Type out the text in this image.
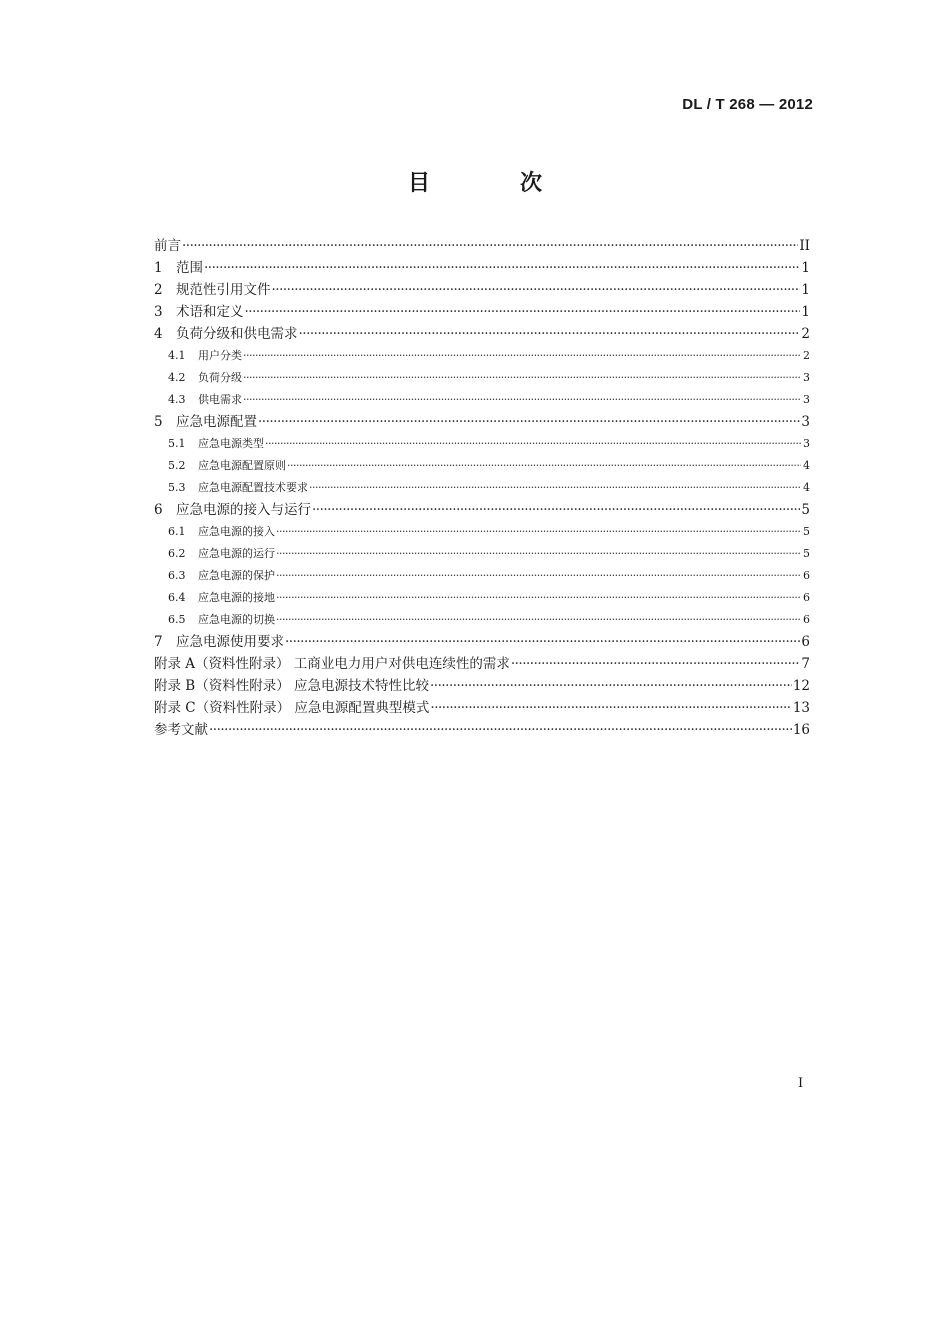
DL / T 268 — 2012
目　次
前言 ·····	II
1 范围 ·····	1
2 规范性引用文件 ·····	1
3 术语和定义 ·····	1
4 负荷分级和供电需求 ·····	2
4.1	用户分类 ·····	2
4.2	负荷分级 ·····	3
4.3	供电需求 ·····	3
5 应急电源配置 ·····	3
5.1	应急电源类型 ·····	3
5.2	应急电源配置原则 ·····	4
5.3	应急电源配置技术要求 ·····	4
6 应急电源的接入与运行 ·····	5
6.1	应急电源的接入 ·····	5
6.2	应急电源的运行 ·····	5
6.3	应急电源的保护 ·····	6
6.4	应急电源的接地 ·····	6
6.5	应急电源的切换 ·····	6
7 应急电源使用要求 ·····	6
附录 A（资料性附录） 工商业电力用户对供电连续性的需求 ·····	7
附录 B（资料性附录） 应急电源技术特性比较 ·····	12
附录 C（资料性附录） 应急电源配置典型模式 ·····	13
参考文献 ·····	16
I
